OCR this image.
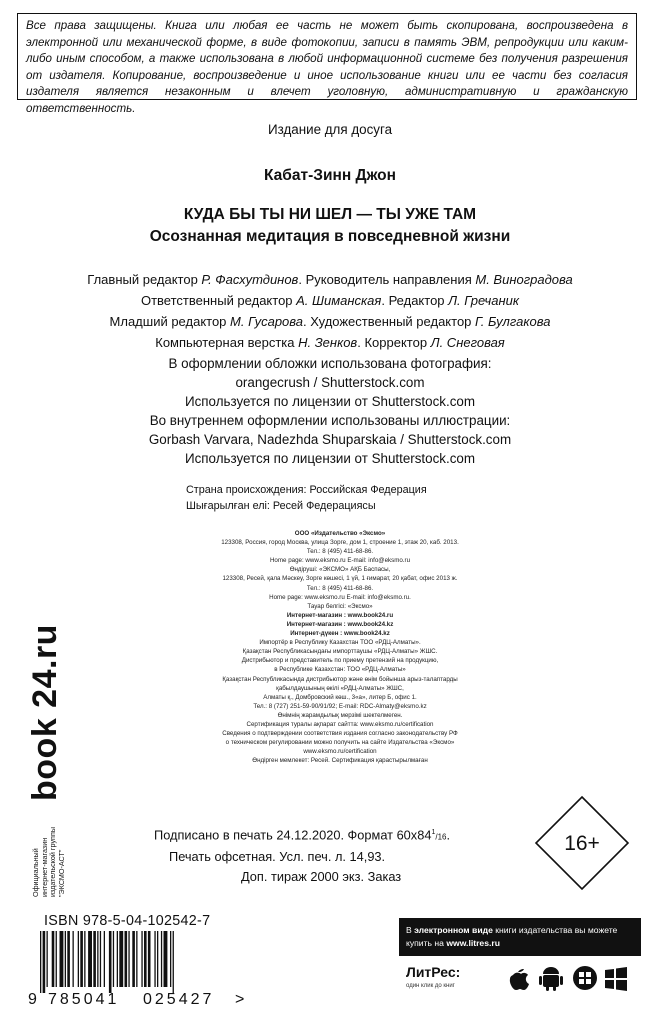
Все права защищены. Книга или любая ее часть не может быть скопирована, воспроизведена в электронной или механической форме, в виде фотокопии, записи в память ЭВМ, репродукции или каким-либо иным способом, а также использована в любой информационной системе без получения разрешения от издателя. Копирование, воспроизведение и иное использование книги или ее части без согласия издателя является незаконным и влечет уголовную, административную и гражданскую ответственность.
Издание для досуга
Кабат-Зинн Джон
КУДА БЫ ТЫ НИ ШЕЛ — ТЫ УЖЕ ТАМ
Осознанная медитация в повседневной жизни
Главный редактор Р. Фасхутдинов. Руководитель направления М. Виноградова
Ответственный редактор А. Шиманская. Редактор Л. Гречаник
Младший редактор М. Гусарова. Художественный редактор Г. Булгакова
Компьютерная верстка Н. Зенков. Корректор Л. Снеговая
В оформлении обложки использована фотография:
orangecrush / Shutterstock.com
Используется по лицензии от Shutterstock.com
Во внутреннем оформлении использованы иллюстрации:
Gorbash Varvara, Nadezhda Shuparskaia / Shutterstock.com
Используется по лицензии от Shutterstock.com
Страна происхождения: Российская Федерация
Шығарылған елі: Ресей Федерациясы
ООО «Издательство «Эксмо»
123308, Россия, город Москва, улица Зорге, дом 1, строение 1, этаж 20, каб. 2013.
Тел.: 8 (495) 411-68-86.
Home page: www.eksmo.ru E-mail: info@eksmo.ru
Өндіруші: «ЭКСМО» АҚБ Баспасы,
123308, Ресей, қала Мәскеу, Зорге көшесі, 1 үй, 1 ғимарат, 20 қабат, офис 2013 ж.
Тел.: 8 (495) 411-68-86.
Home page: www.eksmo.ru E-mail: info@eksmo.ru.
Тауар белгісі: «Эксмо»
Интернет-магазин : www.book24.ru
Интернет-магазин : www.book24.kz
Интернет-дүкен : www.book24.kz
Импортёр в Республику Казахстан ТОО «РДЦ-Алматы».
Қазақстан Республикасындағы импорттаушы «РДЦ-Алматы» ЖШС.
Дистрибьютор и представитель по приему претензий на продукцию,
в Республике Казахстан: ТОО «РДЦ-Алматы»
Қазақстан Республикасында дистрибьютор және өнім бойынша арыз-талаптарды
қабылдаушының өкілі «РДЦ-Алматы» ЖШС,
Алматы қ., Домбровский көш., 3«а», литер Б, офис 1.
Тел.: 8 (727) 251-59-90/91/92; E-mail: RDC-Almaty@eksmo.kz
Өнімнің жарамдылық мерзімі шектелмеген.
Сертификация туралы ақпарат сайтта: www.eksmo.ru/certification
Сведения о подтверждении соответствия издания согласно законодательству РФ
о техническом регулировании можно получить на сайте Издательства «Эксмо»
www.eksmo.ru/certification
Өндірген мемлекет: Ресей. Сертификация қарастырылмаған
Официальный интернет-магазин издательской группы "ЭКСМО-АСТ"
book 24.ru
Подписано в печать 24.12.2020. Формат $60x84^1/16$.
Печать офсетная. Усл. печ. л. 14,93.
Доп. тираж 2000 экз. Заказ
16+
ISBN 978-5-04-102542-7
9 785041 025427 >
В электронном виде книги издательства вы можете купить на www.litres.ru
ЛитРес:
один клик до книг
